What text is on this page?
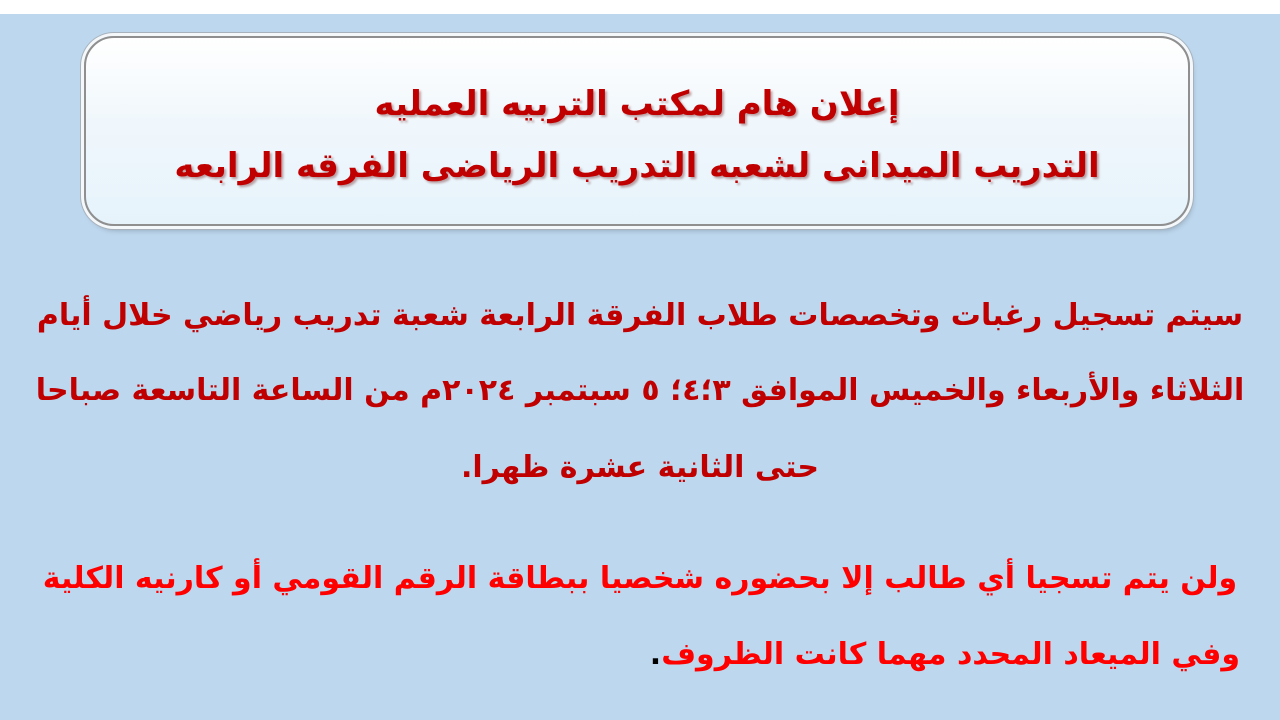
إعلان هام لمكتب التربيه العمليه
التدريب الميدانى لشعبه التدريب الرياضى الفرقه الرابعه
سيتم تسجيل رغبات وتخصصات طلاب الفرقة الرابعة شعبة تدريب رياضي خلال أيام
الثلاثاء والأربعاء والخميس الموافق ٣؛٤؛ ٥ سبتمبر ٢٠٢٤م من الساعة التاسعة صباحا
حتى الثانية عشرة ظهرا.
ولن يتم تسجيا أي طالب إلا بحضوره شخصيا ببطاقة الرقم القومي أو كارنيه الكلية
وفي الميعاد المحدد مهما كانت الظروف.
